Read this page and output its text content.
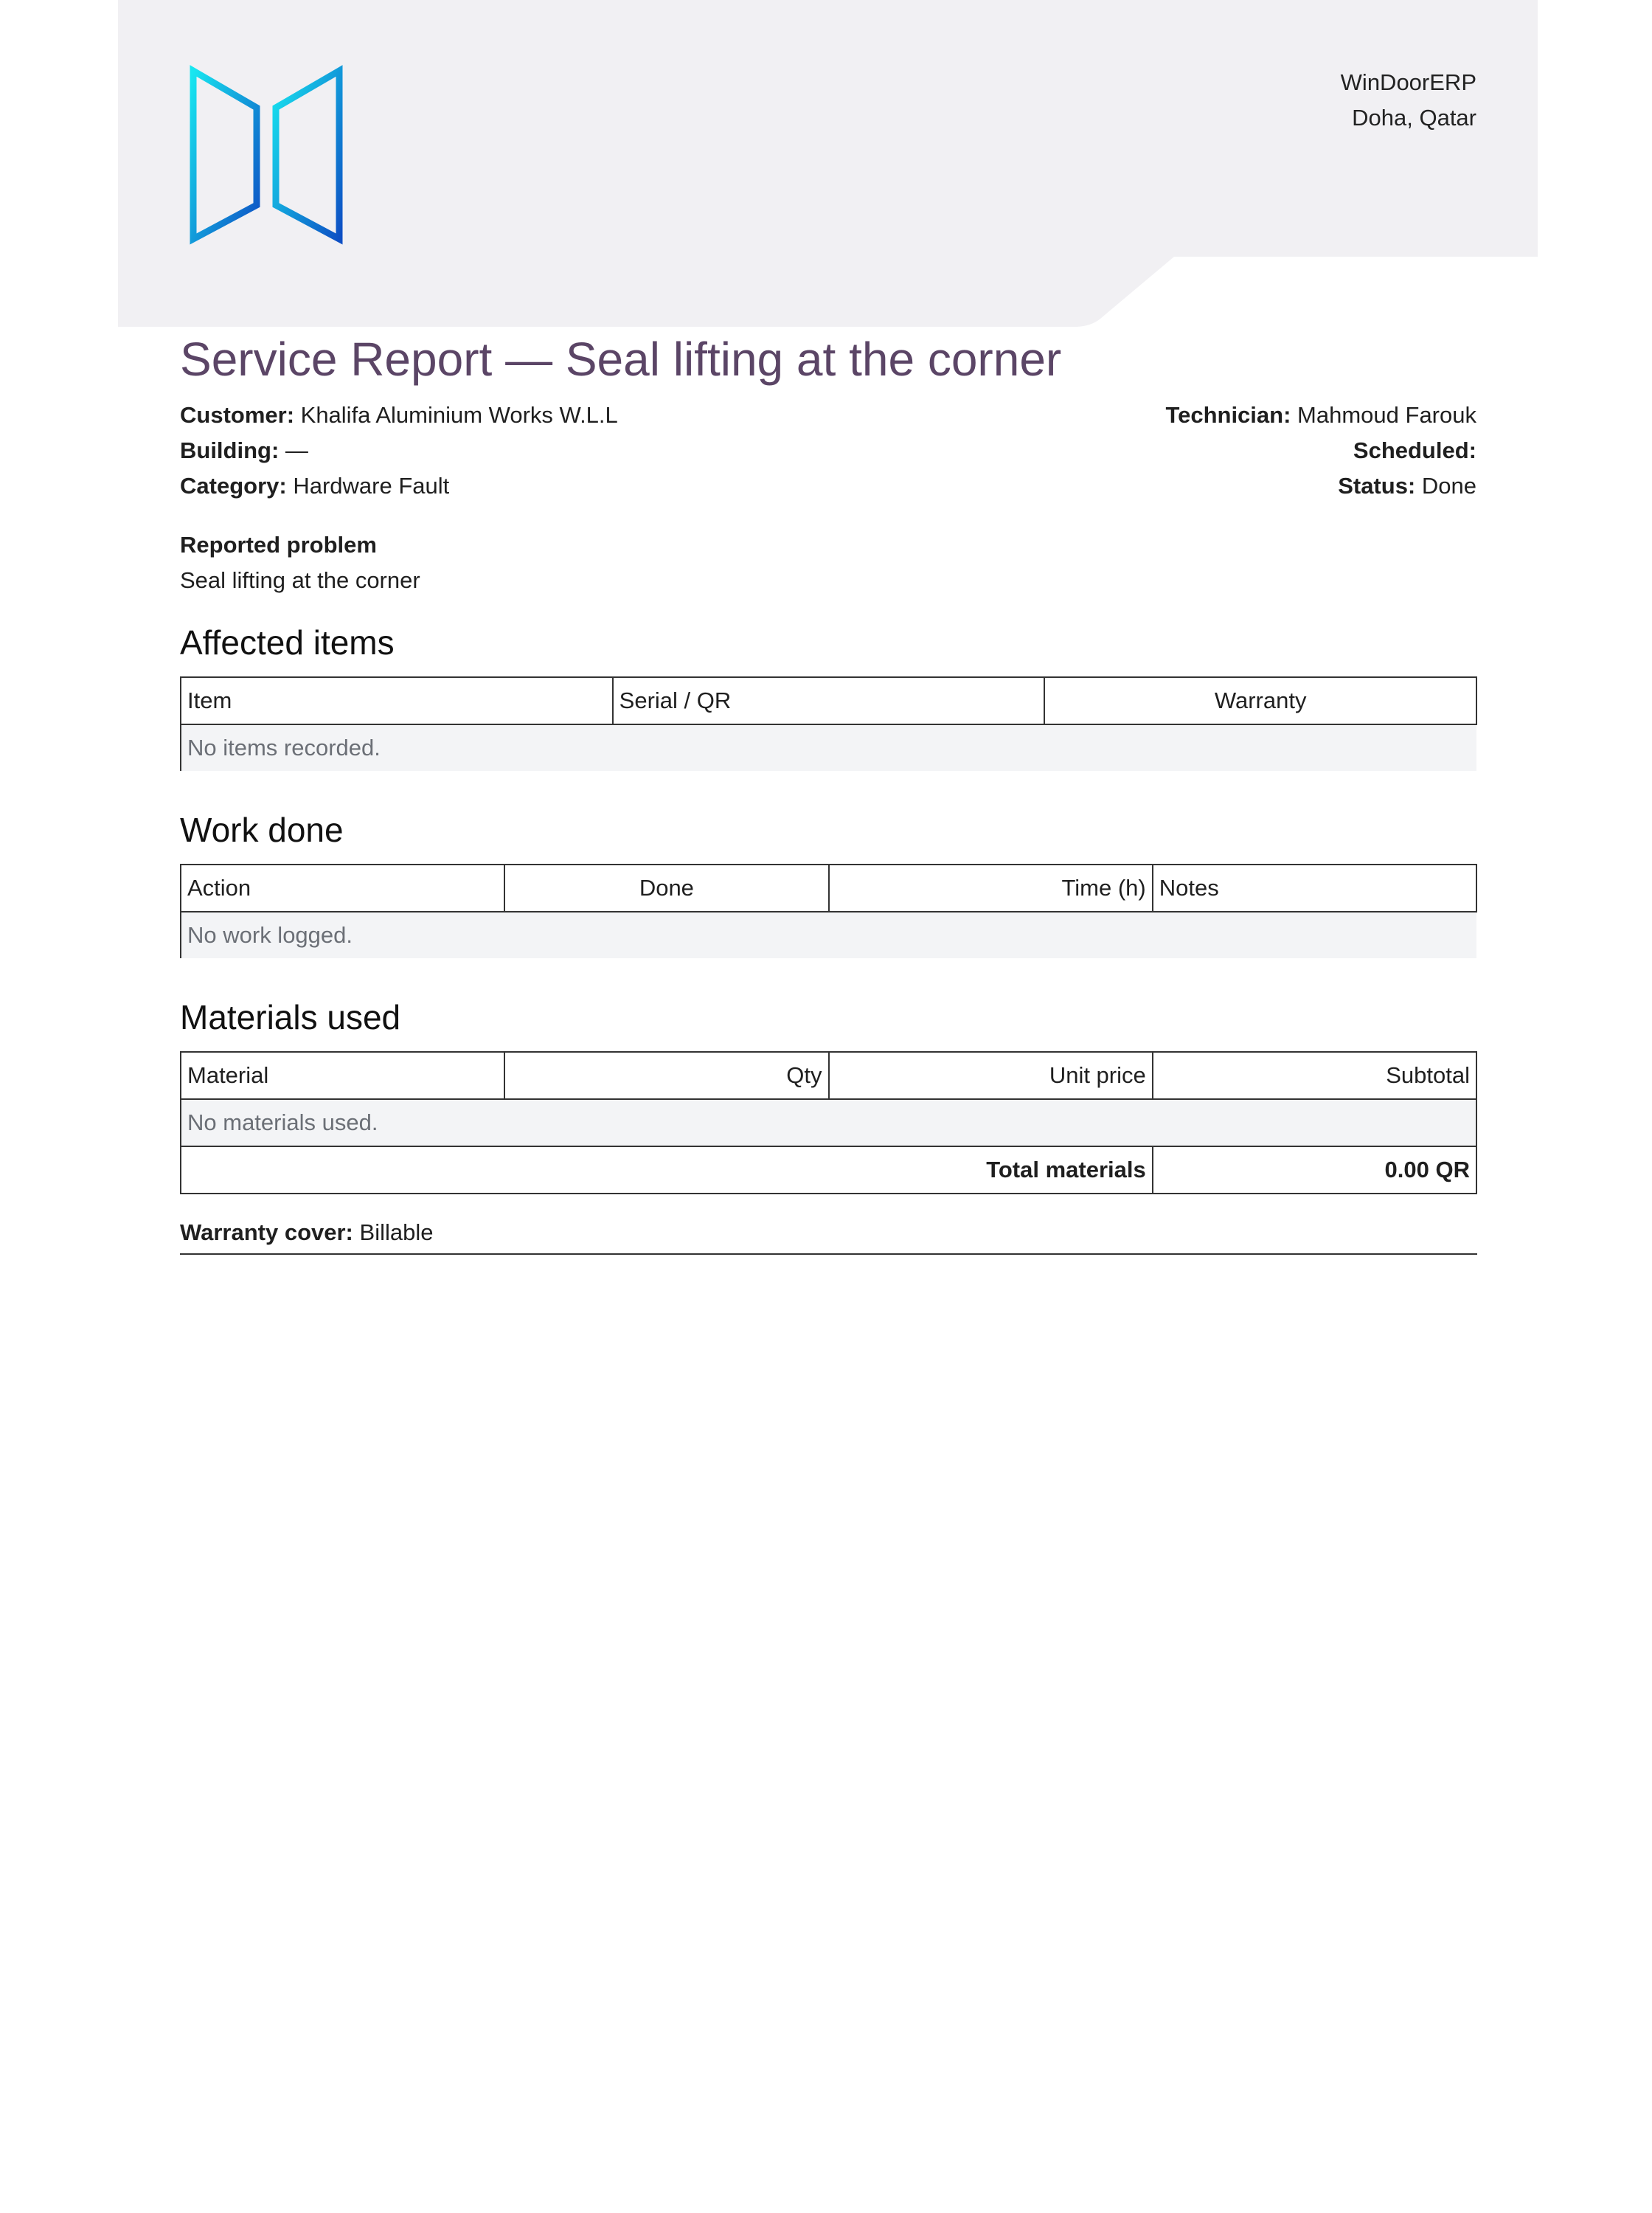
WinDoorERP
Doha, Qatar
Service Report — Seal lifting at the corner
Customer: Khalifa Aluminium Works W.L.L
Building: —
Category: Hardware Fault
Technician: Mahmoud Farouk
Scheduled:
Status: Done
Reported problem
Seal lifting at the corner
Affected items
Item	Serial / QR	Warranty
No items recorded.
Work done
Action	Done	Time (h)	Notes
No work logged.
Materials used
Material	Qty	Unit price	Subtotal
No materials used.			
Total materials			0.00 QR
Warranty cover: Billable
